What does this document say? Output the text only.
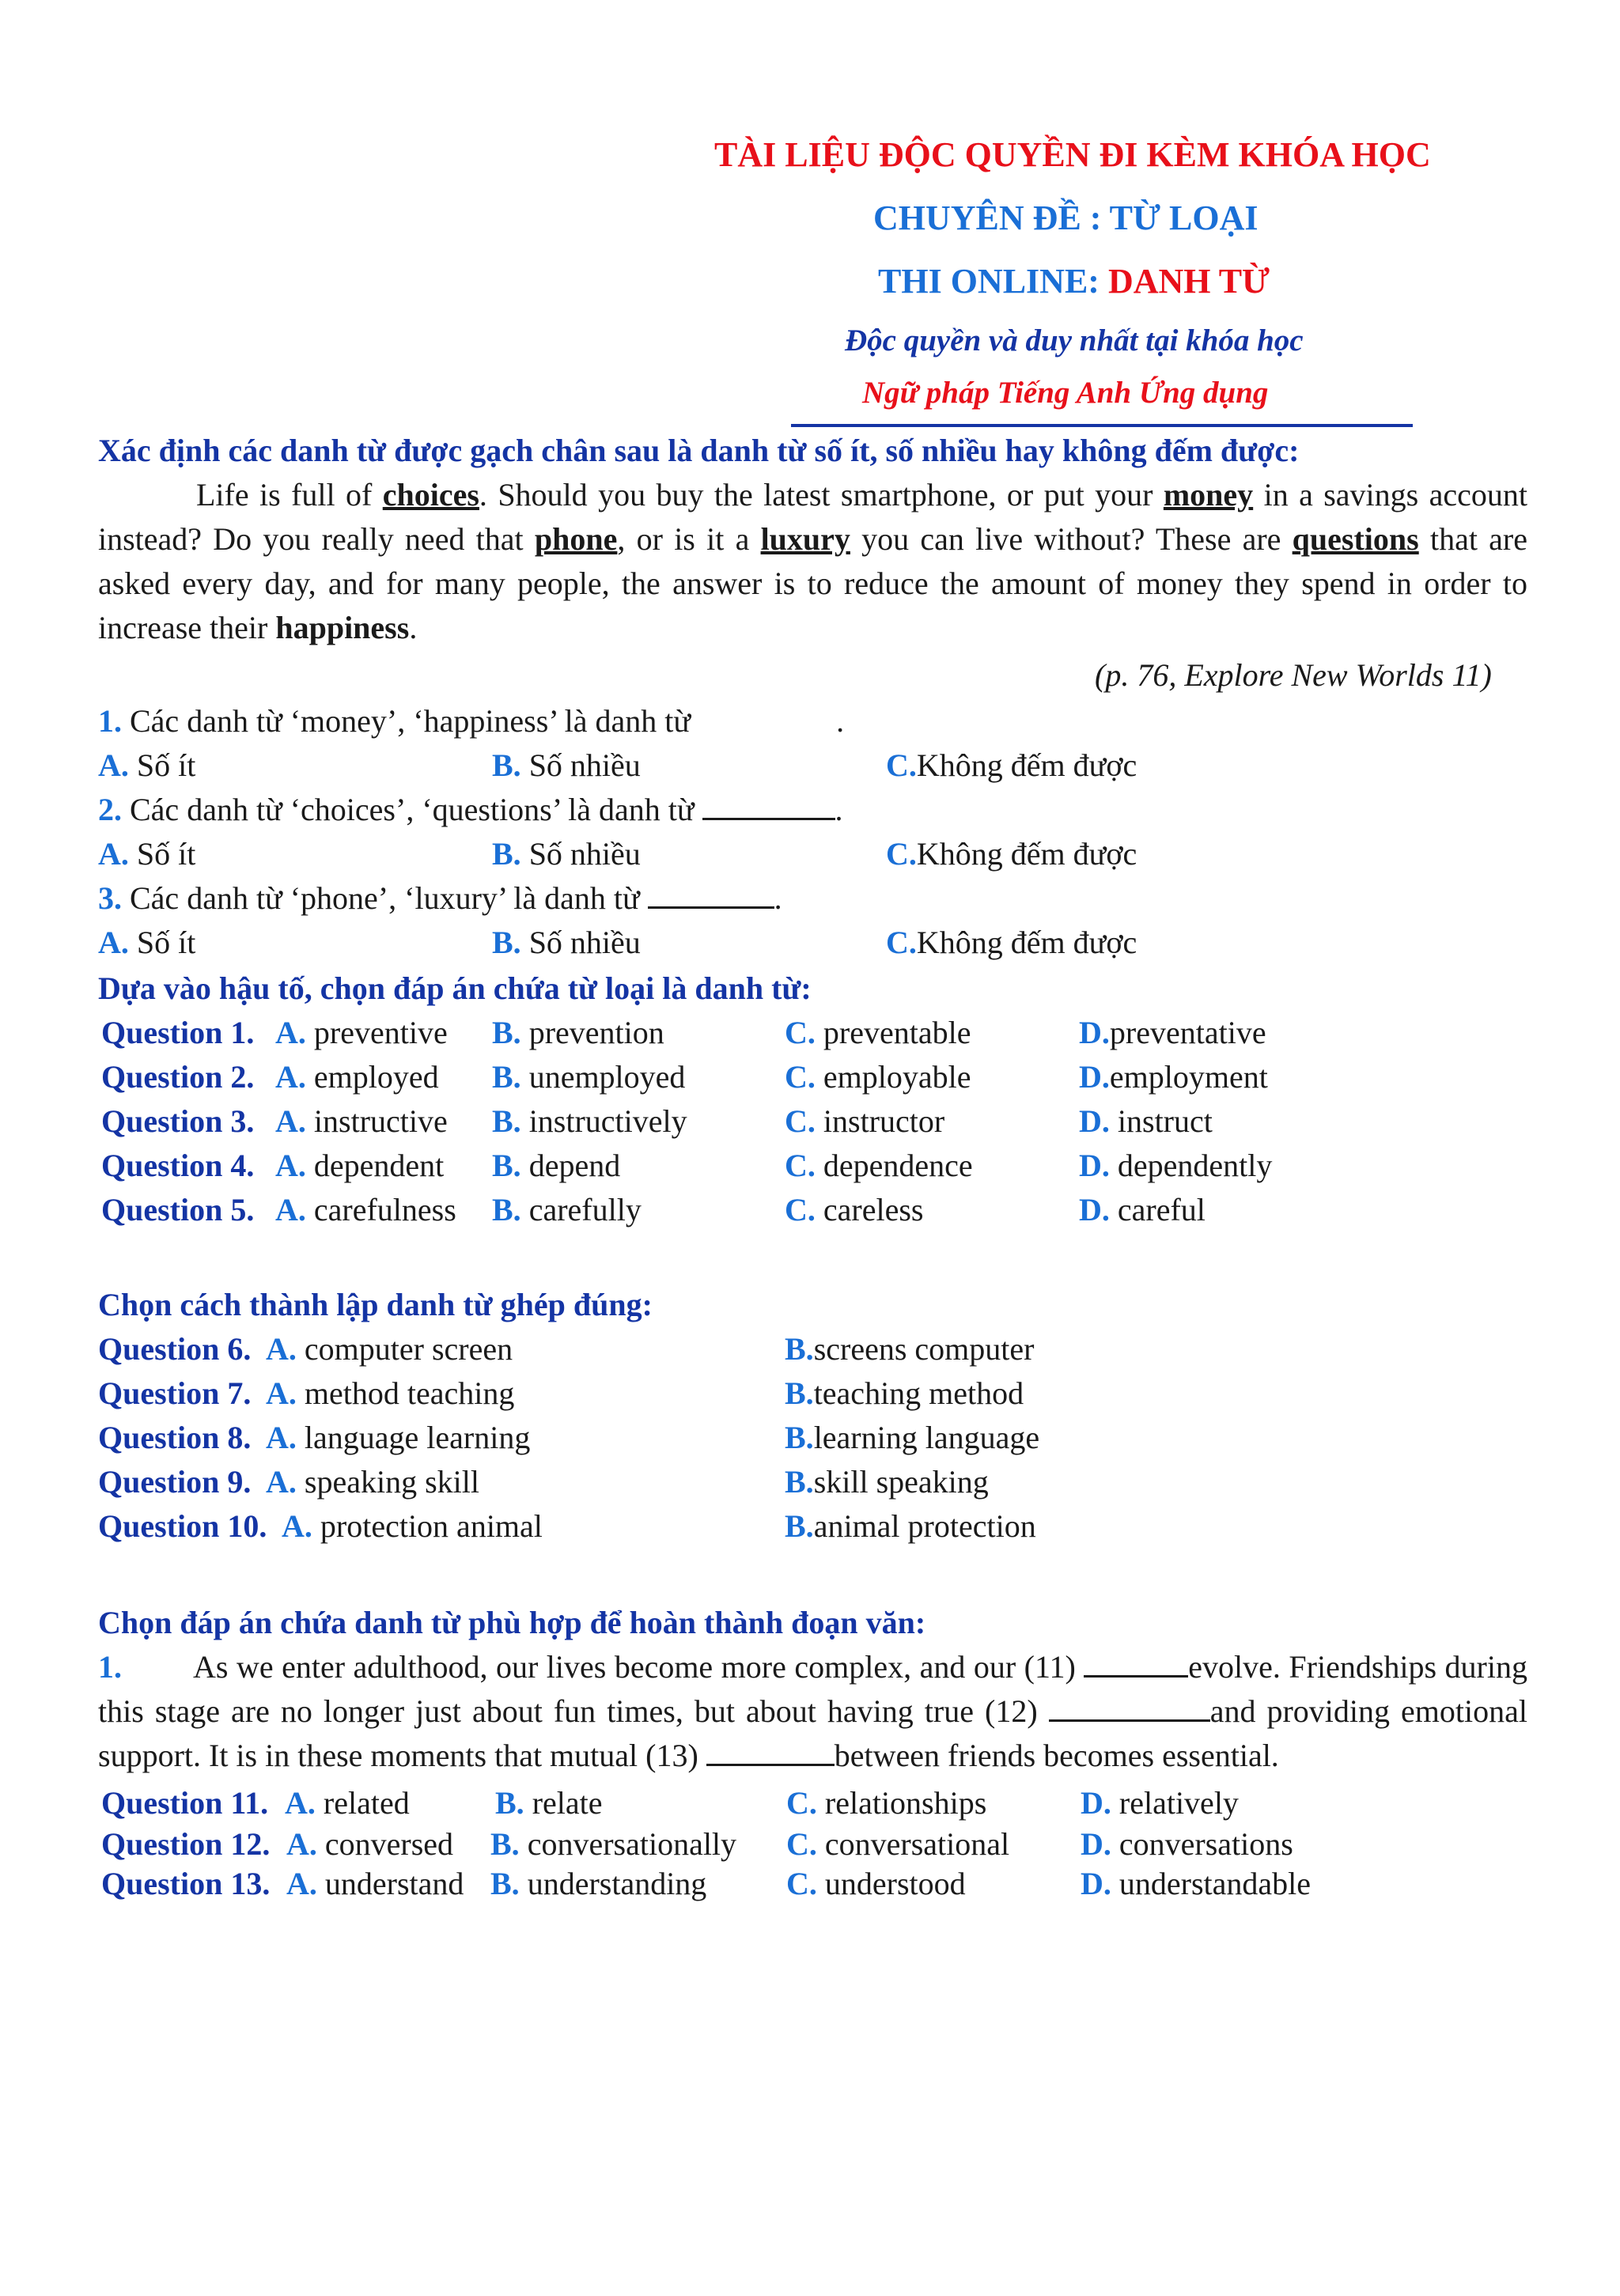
TÀI LIỆU ĐỘC QUYỀN ĐI KÈM KHÓA HỌC
CHUYÊN ĐỀ : TỪ LOẠI
THI ONLINE: DANH TỪ
Độc quyền và duy nhất tại khóa học
Ngữ pháp Tiếng Anh Ứng dụng
Xác định các danh từ được gạch chân sau là danh từ số ít, số nhiều hay không đếm được:
Life is full of choices. Should you buy the latest smartphone, or put your money in a savings account instead? Do you really need that phone, or is it a luxury you can live without? These are questions that are asked every day, and for many people, the answer is to reduce the amount of money they spend in order to increase their happiness.
(p. 76, Explore New Worlds 11)
1. Các danh từ ‘money’, ‘happiness’ là danh từ	.
A. Số ít	B. Số nhiều	C.Không đếm được
2. Các danh từ ‘choices’, ‘questions’ là danh từ	.
A. Số ít	B. Số nhiều	C.Không đếm được
3. Các danh từ ‘phone’, ‘luxury’ là danh từ	.
A. Số ít	B. Số nhiều	C.Không đếm được
Dựa vào hậu tố, chọn đáp án chứa từ loại là danh từ:
Question 1. A. preventive B. prevention	C. preventable	D.preventative
Question 2. A. employed B. unemployed	C. employable	D.employment
Question 3. A. instructive B. instructively	C. instructor	D. instruct
Question 4. A. dependent B. depend	C. dependence	D. dependently
Question 5. A. carefulness B. carefully	C. careless	D. careful
Chọn cách thành lập danh từ ghép đúng:
Question 6. A. computer screen	B.screens computer
Question 7. A. method teaching	B.teaching method
Question 8. A. language learning	B.learning language
Question 9. A. speaking skill	B.skill speaking
Question 10. A. protection animal	B.animal protection
Chọn đáp án chứa danh từ phù hợp để hoàn thành đoạn văn:
1. As we enter adulthood, our lives become more complex, and our (11)	evolve. Friendships during this stage are no longer just about fun times, but about having true (12)	and providing emotional support. It is in these moments that mutual (13)	between friends becomes essential.
Question 11. A. related	B. relate	C. relationships	D. relatively
Question 12. A. conversed B. conversationally C. conversational D. conversations
Question 13. A. understand B. understanding	C. understood	D. understandable
